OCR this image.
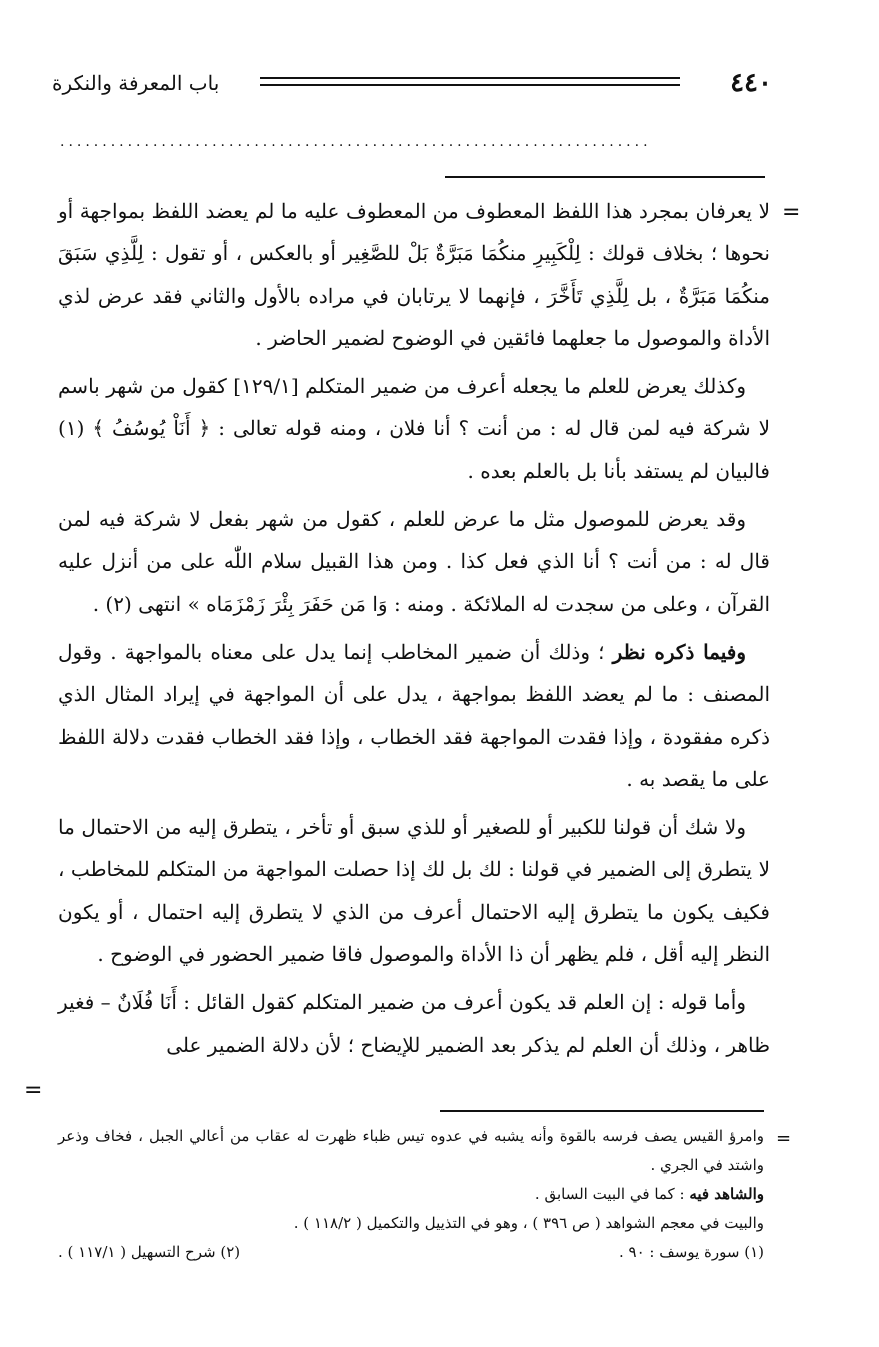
٤٤٠
باب المعرفة والنكرة
......................................................................
=

لا يعرفان بمجرد هذا اللفظ المعطوف من المعطوف عليه ما لم يعضد اللفظ بمواجهة أو نحوها ؛ بخلاف قولك : لِلْكَبِيرِ منكُمَا مَبَرَّةٌ بَلْ للصَّغِير أو بالعكس ، أو تقول : لِلَّذِي سَبَقَ منكُمَا مَبَرَّةٌ ، بل لِلَّذِي تَأَخَّرَ ، فإنهما لا يرتابان في مراده بالأول والثاني فقد عرض لذي الأداة والموصول ما جعلهما فائقين في الوضوح لضمير الحاضر .

وكذلك يعرض للعلم ما يجعله أعرف من ضمير المتكلم [١٢٩/١] كقول من شهر باسم لا شركة فيه لمن قال له : من أنت ؟ أنا فلان ، ومنه قوله تعالى : ﴿ أَنَاْ يُوسُفُ ﴾ (١) فالبيان لم يستفد بأنا بل بالعلم بعده .

وقد يعرض للموصول مثل ما عرض للعلم ، كقول من شهر بفعل لا شركة فيه لمن قال له : من أنت ؟ أنا الذي فعل كذا . ومن هذا القبيل سلام اللّٰه على من أنزل عليه القرآن ، وعلى من سجدت له الملائكة . ومنه : وَا مَن حَفَرَ بِئْرَ زَمْزَمَاه » انتهى (٢) .

وفيما ذكره نظر ؛ وذلك أن ضمير المخاطب إنما يدل على معناه بالمواجهة . وقول المصنف : ما لم يعضد اللفظ بمواجهة ، يدل على أن المواجهة في إيراد المثال الذي ذكره مفقودة ، وإذا فقدت المواجهة فقد الخطاب ، وإذا فقد الخطاب فقدت دلالة اللفظ على ما يقصد به .

ولا شك أن قولنا للكبير أو للصغير أو للذي سبق أو تأخر ، يتطرق إليه من الاحتمال ما لا يتطرق إلى الضمير في قولنا : لك بل لك إذا حصلت المواجهة من المتكلم للمخاطب ، فكيف يكون ما يتطرق إليه الاحتمال أعرف من الذي لا يتطرق إليه احتمال ، أو يكون النظر إليه أقل ، فلم يظهر أن ذا الأداة والموصول فاقا ضمير الحضور في الوضوح .

وأما قوله : إن العلم قد يكون أعرف من ضمير المتكلم كقول القائل : أَنَا فُلَانٌ – فغير ظاهر ، وذلك أن العلم لم يذكر بعد الضمير للإيضاح ؛ لأن دلالة الضمير على

=
=

وامرؤ القيس يصف فرسه بالقوة وأنه يشبه في عدوه تيس ظباء ظهرت له عقاب من أعالي الجبل ، فخاف وذعر واشتد في الجري .

والشاهد فيه : كما في البيت السابق .

والبيت في معجم الشواهد ( ص ٣٩٦ ) ، وهو في التذييل والتكميل ( ١١٨/٢ ) .

(١) سورة يوسف : ٩٠ .
(٢) شرح التسهيل ( ١١٧/١ ) .
